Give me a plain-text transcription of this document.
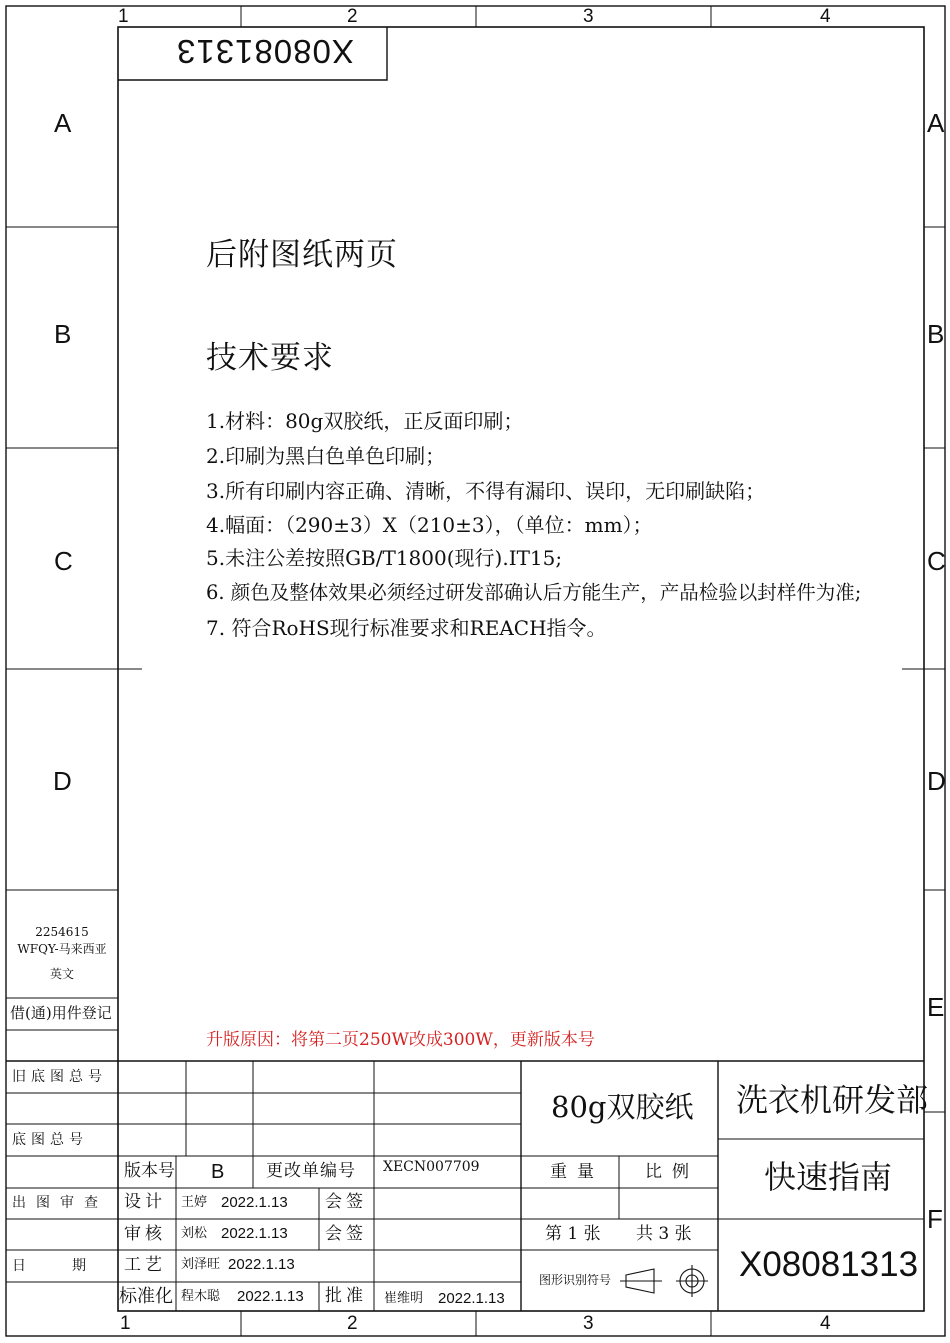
1	2	3	4
1	2	3	4
A
B
C
D
A
B
C
D
E
F
X08081313
后附图纸两页
技术要求
1.材料：80g双胶纸，正反面印刷；
2.印刷为黑白色单色印刷；
3.所有印刷内容正确、清晰，不得有漏印、误印，无印刷缺陷；
4.幅面：（290±3）X（210±3），（单位：mm）；
5.未注公差按照GB/T1800(现行).IT15;
6. 颜色及整体效果必须经过研发部确认后方能生产，产品检验以封样件为准;
7. 符合RoHS现行标准要求和REACH指令。
2254615
WFQY-马来西亚
英文
借(通)用件登记
升版原因：将第二页250W改成300W，更新版本号
旧底图总号
底图总号
出图审查
日　　期
版本号 B 更改单编号 XECN007709
设计 王婷 2022.1.13 会签
审核 刘松 2022.1.13 会签
工艺 刘泽旺 2022.1.13
标准化 程木聪 2022.1.13 批准 崔维明 2022.1.13
80g双胶纸
重量 比例
第 1 张 共 3 张
图形识别符号
洗衣机研发部
快速指南
X08081313
